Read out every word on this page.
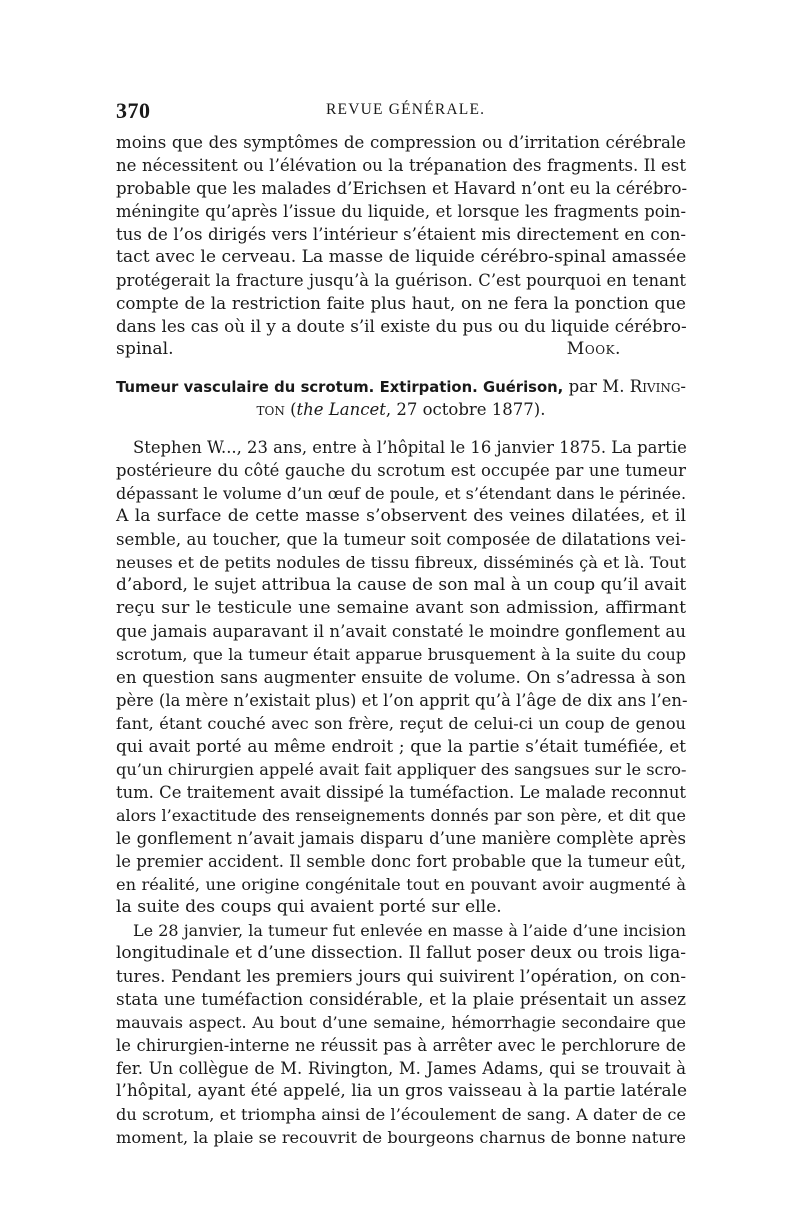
370	REVUE GÉNÉRALE.

moins que des symptômes de compression ou d’irritation cérébrale

ne nécessitent ou l’élévation ou la trépanation des fragments. Il est

probable que les malades d’Erichsen et Havard n’ont eu la cérébro-

méningite qu’après l’issue du liquide, et lorsque les fragments poin-

tus de l’os dirigés vers l’intérieur s’étaient mis directement en con-

tact avec le cerveau. La masse de liquide cérébro-spinal amassée

protégerait la fracture jusqu’à la guérison. C’est pourquoi en tenant

compte de la restriction faite plus haut, on ne fera la ponction que

dans les cas où il y a doute s’il existe du pus ou du liquide cérébro-

spinal.	Mook.
Tumeur vasculaire du scrotum. Extirpation. Guérison, par M. Riving-
ton (the Lancet, 27 octobre 1877).

Stephen W..., 23 ans, entre à l’hôpital le 16 janvier 1875. La partie

postérieure du côté gauche du scrotum est occupée par une tumeur

dépassant le volume d’un œuf de poule, et s’étendant dans le périnée.

A la surface de cette masse s’observent des veines dilatées, et il

semble, au toucher, que la tumeur soit composée de dilatations vei-

neuses et de petits nodules de tissu fibreux, disséminés çà et là. Tout

d’abord, le sujet attribua la cause de son mal à un coup qu’il avait

reçu sur le testicule une semaine avant son admission, affirmant

que jamais auparavant il n’avait constaté le moindre gonflement au

scrotum, que la tumeur était apparue brusquement à la suite du coup

en question sans augmenter ensuite de volume. On s’adressa à son

père (la mère n’existait plus) et l’on apprit qu’à l’âge de dix ans l’en-

fant, étant couché avec son frère, reçut de celui-ci un coup de genou

qui avait porté au même endroit ; que la partie s’était tuméfiée, et

qu’un chirurgien appelé avait fait appliquer des sangsues sur le scro-

tum. Ce traitement avait dissipé la tuméfaction. Le malade reconnut

alors l’exactitude des renseignements donnés par son père, et dit que

le gonflement n’avait jamais disparu d’une manière complète après

le premier accident. Il semble donc fort probable que la tumeur eût,

en réalité, une origine congénitale tout en pouvant avoir augmenté à

la suite des coups qui avaient porté sur elle.

Le 28 janvier, la tumeur fut enlevée en masse à l’aide d’une incision

longitudinale et d’une dissection. Il fallut poser deux ou trois liga-

tures. Pendant les premiers jours qui suivirent l’opération, on con-

stata une tuméfaction considérable, et la plaie présentait un assez

mauvais aspect. Au bout d’une semaine, hémorrhagie secondaire que

le chirurgien-interne ne réussit pas à arrêter avec le perchlorure de

fer. Un collègue de M. Rivington, M. James Adams, qui se trouvait à

l’hôpital, ayant été appelé, lia un gros vaisseau à la partie latérale

du scrotum, et triompha ainsi de l’écoulement de sang. A dater de ce

moment, la plaie se recouvrit de bourgeons charnus de bonne nature
